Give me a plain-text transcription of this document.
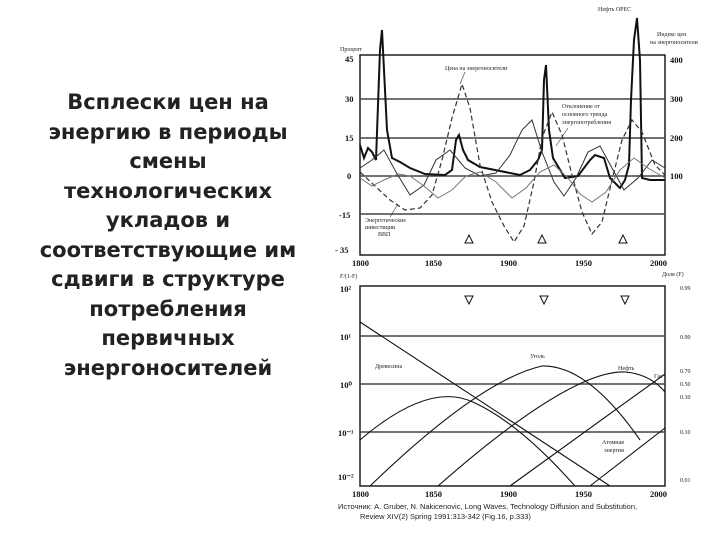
Всплески цен на
энергию в периоды
смены
технологических
укладов и
соответствующие им
сдвиги в структуре
потребления
первичных
энергоносителей
Процент
Индекс цен
на энергоносители
Нефть ОРЕС
45
30
15
0
-15
- 35
400
300
200
100
1800	1850	1900	1950	2000
Цена на энергоносители
Отклонение от
основного тренда
энергопотребления
Энергетические
инвестиции
ВВП
F/(1-F)	Доля (F)
10²
10¹
10⁰
10⁻¹
10⁻²
0.99
0.90
0.70
0.50
0.30
0.10
0.01
1800	1850	1900	1950	2000
Древесина
Уголь
Нефть
Газ
Атомная
энергия
Источник: A. Gruber, N. Nakicenovic, Long Waves, Technology Diffusion and Substitution,
Review XIV(2) Spring 1991:313-342 (Fig.16, p.333)
